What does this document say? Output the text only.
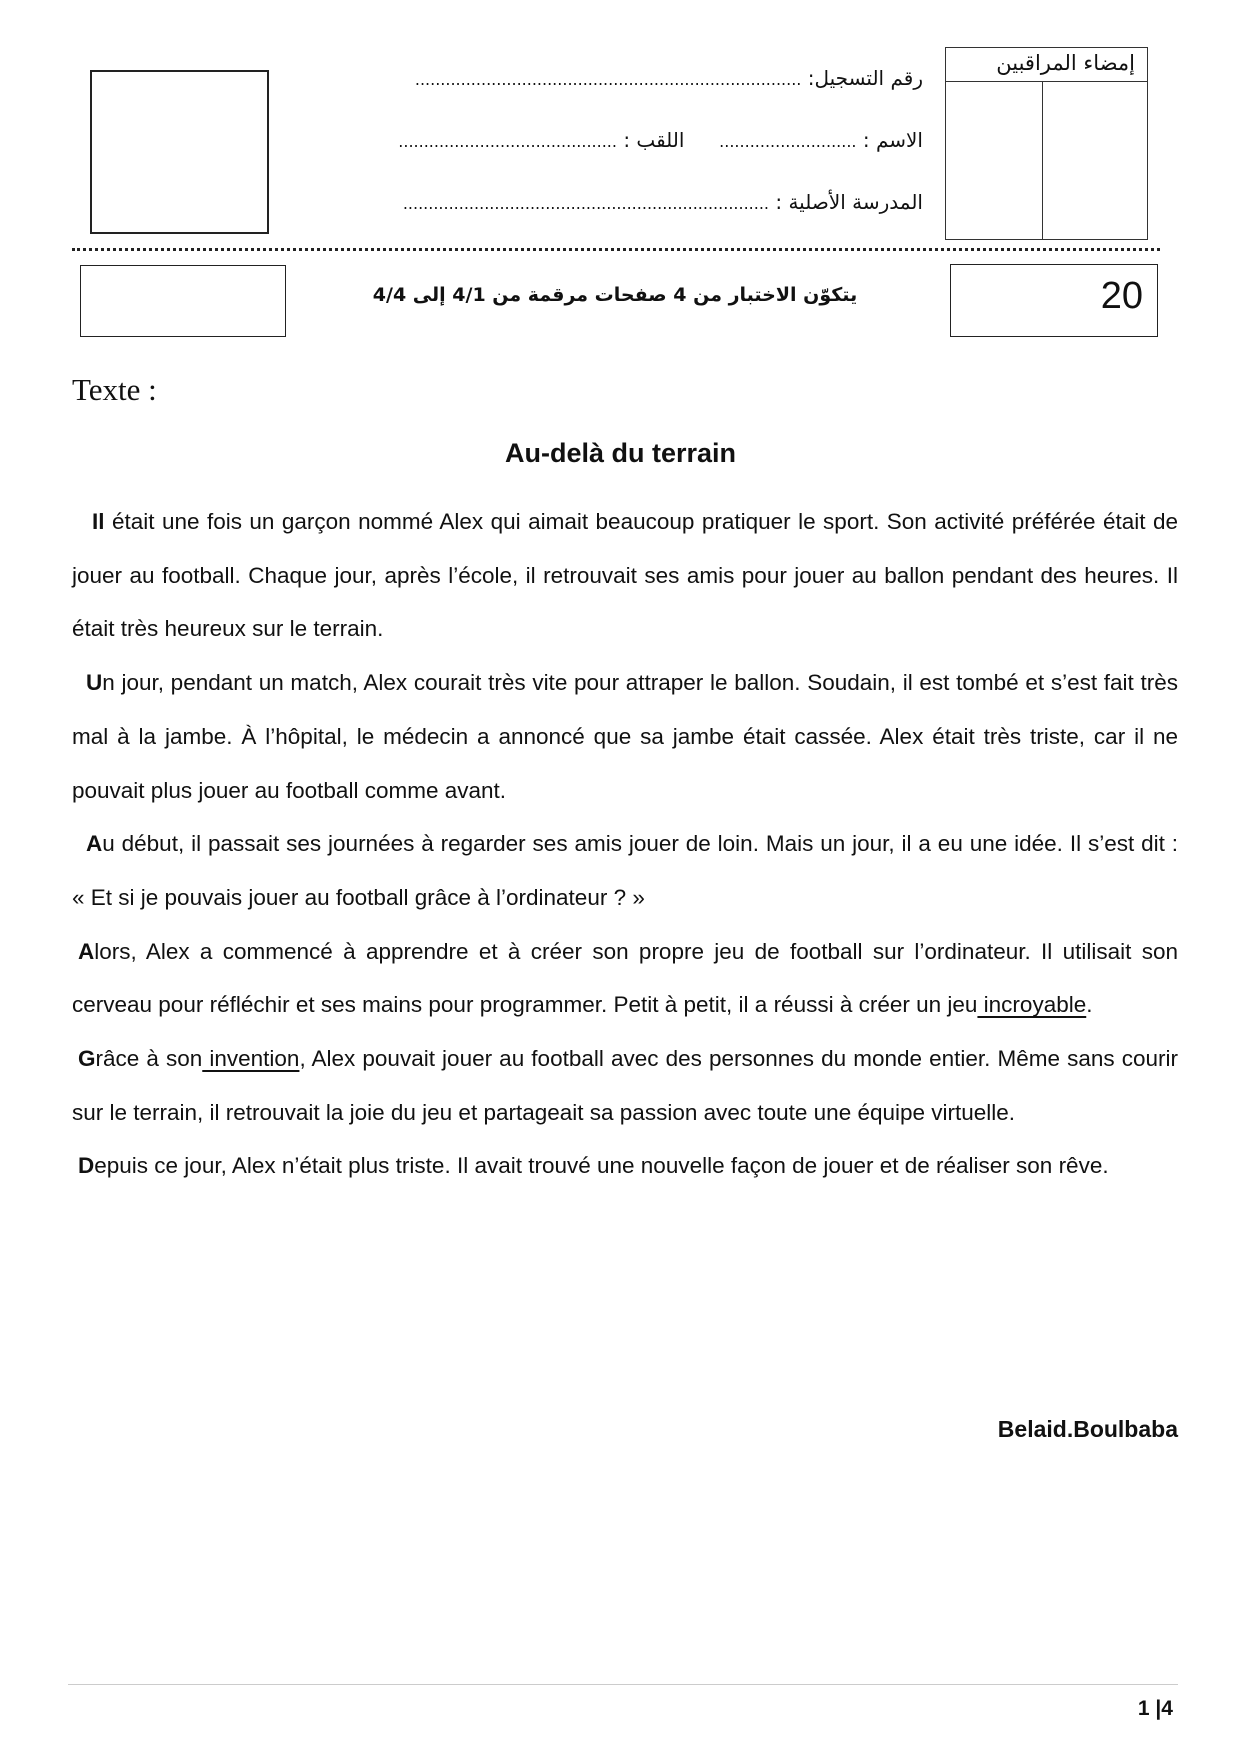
رقم التسجيل: ............................................................................
الاسم : ...........................  اللقب : ...........................................
المدرسة الأصلية : ........................................................................
إمضاء المراقبين
يتكوّن الاختبار من 4 صفحات مرقمة من 4/1 إلى 4/4	20
Texte :
Au-delà du terrain

Il était une fois un garçon nommé Alex qui aimait beaucoup pratiquer le sport. Son activité préférée était de jouer au football. Chaque jour, après l’école, il retrouvait ses amis pour jouer au ballon pendant des heures. Il était très heureux sur le terrain.

Un jour, pendant un match, Alex courait très vite pour attraper le ballon. Soudain, il est tombé et s’est fait très mal à la jambe. À l’hôpital, le médecin a annoncé que sa jambe était cassée. Alex était très triste, car il ne pouvait plus jouer au football comme avant.

Au début, il passait ses journées à regarder ses amis jouer de loin. Mais un jour, il a eu une idée. Il s’est dit : « Et si je pouvais jouer au football grâce à l’ordinateur ? »

Alors, Alex a commencé à apprendre et à créer son propre jeu de football sur l’ordinateur. Il utilisait son cerveau pour réfléchir et ses mains pour programmer. Petit à petit, il a réussi à créer un jeu incroyable.

Grâce à son invention, Alex pouvait jouer au football avec des personnes du monde entier. Même sans courir sur le terrain, il retrouvait la joie du jeu et partageait sa passion avec toute une équipe virtuelle.

Depuis ce jour, Alex n’était plus triste. Il avait trouvé une nouvelle façon de jouer et de réaliser son rêve.

Belaid.Boulbaba
1 |4
